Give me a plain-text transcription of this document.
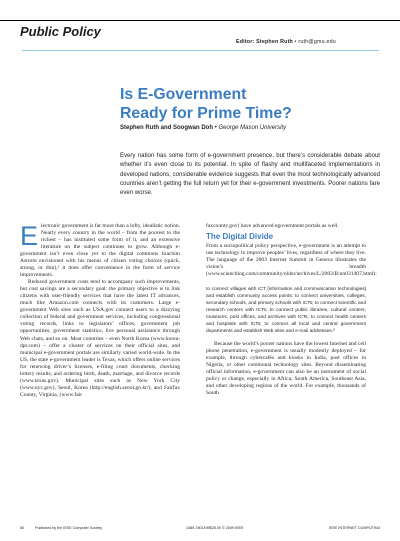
Public Policy
Editor: Stephen Ruth • ruth@gmu.edu
Is E-Government
Ready for Prime Time?
Stephen Ruth and Soogwan Doh • George Mason University
Every nation has some form of e-government presence, but there’s considerable debate about whether it’s even close to its potential. In spite of flashy and multifaceted implementations in developed nations, considerable evidence suggests that even the most technologically advanced countries aren’t getting the full return yet for their e-government investments. Poorer nations fare even worse.

Electronic government is far more than a lofty, idealistic notion. Nearly every country in the world – from the poorest to the richest – has instituted some form of it, and an extensive literature on the subject continues to grow. Although e-government isn’t even close yet to the digital commons Joachim Astrom envisioned with his menus of citizen voting choices (quick, strong, or thin),¹ it does offer convenience in the form of service improvements.

Reduced government costs tend to accompany such improvements, but cost savings are a secondary goal: the primary objective is to link citizens with user-friendly services that have the latest IT advances, much like Amazon.com connects with its customers. Large e-government Web sites such as USA.gov connect users to a dizzying collection of federal and government services, including congressional voting records, links to legislators’ offices, government job opportunities, government statistics, live personal assistance through Web chats, and so on. Most countries – even North Korea (www.korea-dpr.com) – offer a cluster of services on their official sites, and municipal e-government portals are similarly varied world-wide. In the US, the state e-government leader is Texas, which offers online services for renewing driver’s licenses, e-filing court documents, checking lottery results, and ordering birth, death, marriage, and divorce records (www.texas.gov). Municipal sites such as New York City (www.nyc.gov), Seoul, Korea (http://english.seoul.go.kr/), and Fairfax County, Virginia, (www.fair

faxcounty.gov) have advanced egovernment portals as well.

The Digital Divide

From a sociopolitical policy perspective, e-government is an attempt to use technology to improve peoples’ lives, regardless of where they live. The language of the 2003 Internet Summit in Geneva illustrates the vision’s breadth (www.sciencblog.com/community/older/archives/L/2003/B/un031407.html):

to connect villages with ICT [information and communication technologies] and establish community access points; to connect universities, colleges, secondary schools, and primary schools with ICTs; to connect scientific and research centers with ICTs; to connect public libraries, cultural centers, museums, post offices, and archives with ICTs; to connect health centers and hospitals with ICTs; to connect all local and central government departments and establish Web sites and e-mail addresses.²

Because the world’s poorer nations have the lowest Internet and cell phone penetration, e-government is usually modestly deployed – for example, through cybercafés and kiosks in India, post offices in Nigeria, or other communal technology sites. Beyond disseminating official information, e-government can also be an instrument of social policy or change, especially in Africa, South America, Southeast Asia, and other developing regions of the world. For example, thousands of South

80	Published by the IEEE Computer Society	1089-7801/09/$25.00 © 2009 IEEE	IEEE INTERNET COMPUTING
